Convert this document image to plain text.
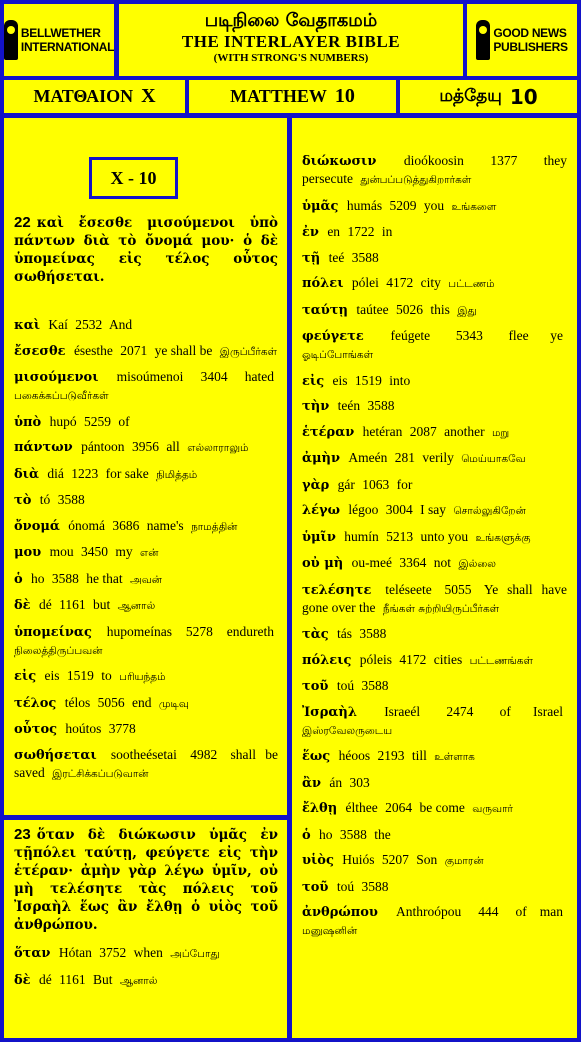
BELLWETHER
INTERNATIONAL
படிநிலை வேதாகமம்
THE INTERLAYER BIBLE
(WITH STRONG'S NUMBERS)
GOOD NEWS
PUBLISHERS
ΜΑΤΘΑΙΟΝ Χ	MATTHEW 10	மத்தேயு 10
Χ - 10
22 καὶ ἔσεσθε μισούμενοι ὑπὸ πάντων διὰ τὸ ὄνομά μου· ὁ δὲ ὑπομείνας εἰς τέλος οὗτος σωθήσεται.
καὶ Kaí 2532 And
ἔσεσθε ésesthe 2071 ye shall be இருப்பீர்கள்
μισούμενοι misoúmenoi 3404 hated பகைக்கப்படுவீர்கள்
ὑπὸ hupó 5259 of
πάντων pántoon 3956 all எல்லாராலும்
διὰ diá 1223 for sake நிமித்தம்
τὸ tó 3588
ὄνομά ónomá 3686 name's நாமத்தின்
μου mou 3450 my என்
ὁ ho 3588 he that அவன்
δὲ dé 1161 but ஆனால்
ὑπομείνας hupomeínas 5278 endureth நிலைத்திருப்பவன்
εἰς eis 1519 to பரியந்தம்
τέλος télos 5056 end முடிவு
οὗτος hoútos 3778
σωθήσεται sootheésetai 4982 shall be saved இரட்சிக்கப்படுவான்
23 ὅταν δὲ διώκωσιν ὑμᾶς ἐν τῇπόλει ταύτῃ, φεύγετε εἰς τὴν ἑτέραν· ἀμὴν γὰρ λέγω ὑμῖν, οὐ μὴ τελέσητε τὰς πόλεις τοῦ Ἰσραὴλ ἕως ἂν ἔλθῃ ὁ υἱὸς τοῦ ἀνθρώπου.
ὅταν Hótan 3752 when அப்போது
δὲ dé 1161 But ஆனால்
διώκωσιν dioókoosin 1377 they persecute துன்பப்படுத்துகிறார்கள்
ὑμᾶς humás 5209 you உங்களை
ἐν en 1722 in
τῇ teé 3588
πόλει pólei 4172 city பட்டணம்
ταύτῃ taútee 5026 this இது
φεύγετε feúgete 5343 flee ye ஓடிப்போங்கள்
εἰς eis 1519 into
τὴν teén 3588
ἑτέραν hetéran 2087 another மறு
ἀμὴν Ameén 281 verily மெய்யாகவே
γὰρ gár 1063 for
λέγω légoo 3004 I say சொல்லுகிறேன்
ὑμῖν humín 5213 unto you உங்களுக்கு
οὐ μὴ ou-meé 3364 not இல்லை
τελέσητε teléseete 5055 Ye shall have gone over the நீங்கள் சுற்றியிருப்பீர்கள்
τὰς tás 3588
πόλεις póleis 4172 cities பட்டணங்கள்
τοῦ toú 3588
Ἰσραὴλ Israeél 2474 of Israel இஸ்ரவேலருடைய
ἕως héoos 2193 till உள்ளாக
ἂν án 303
ἔλθῃ élthee 2064 be come வருவார்
ὁ ho 3588 the
υἱὸς Huiós 5207 Son குமாரன்
τοῦ toú 3588
ἀνθρώπου Anthroópou 444 of man மனுஷனின்
